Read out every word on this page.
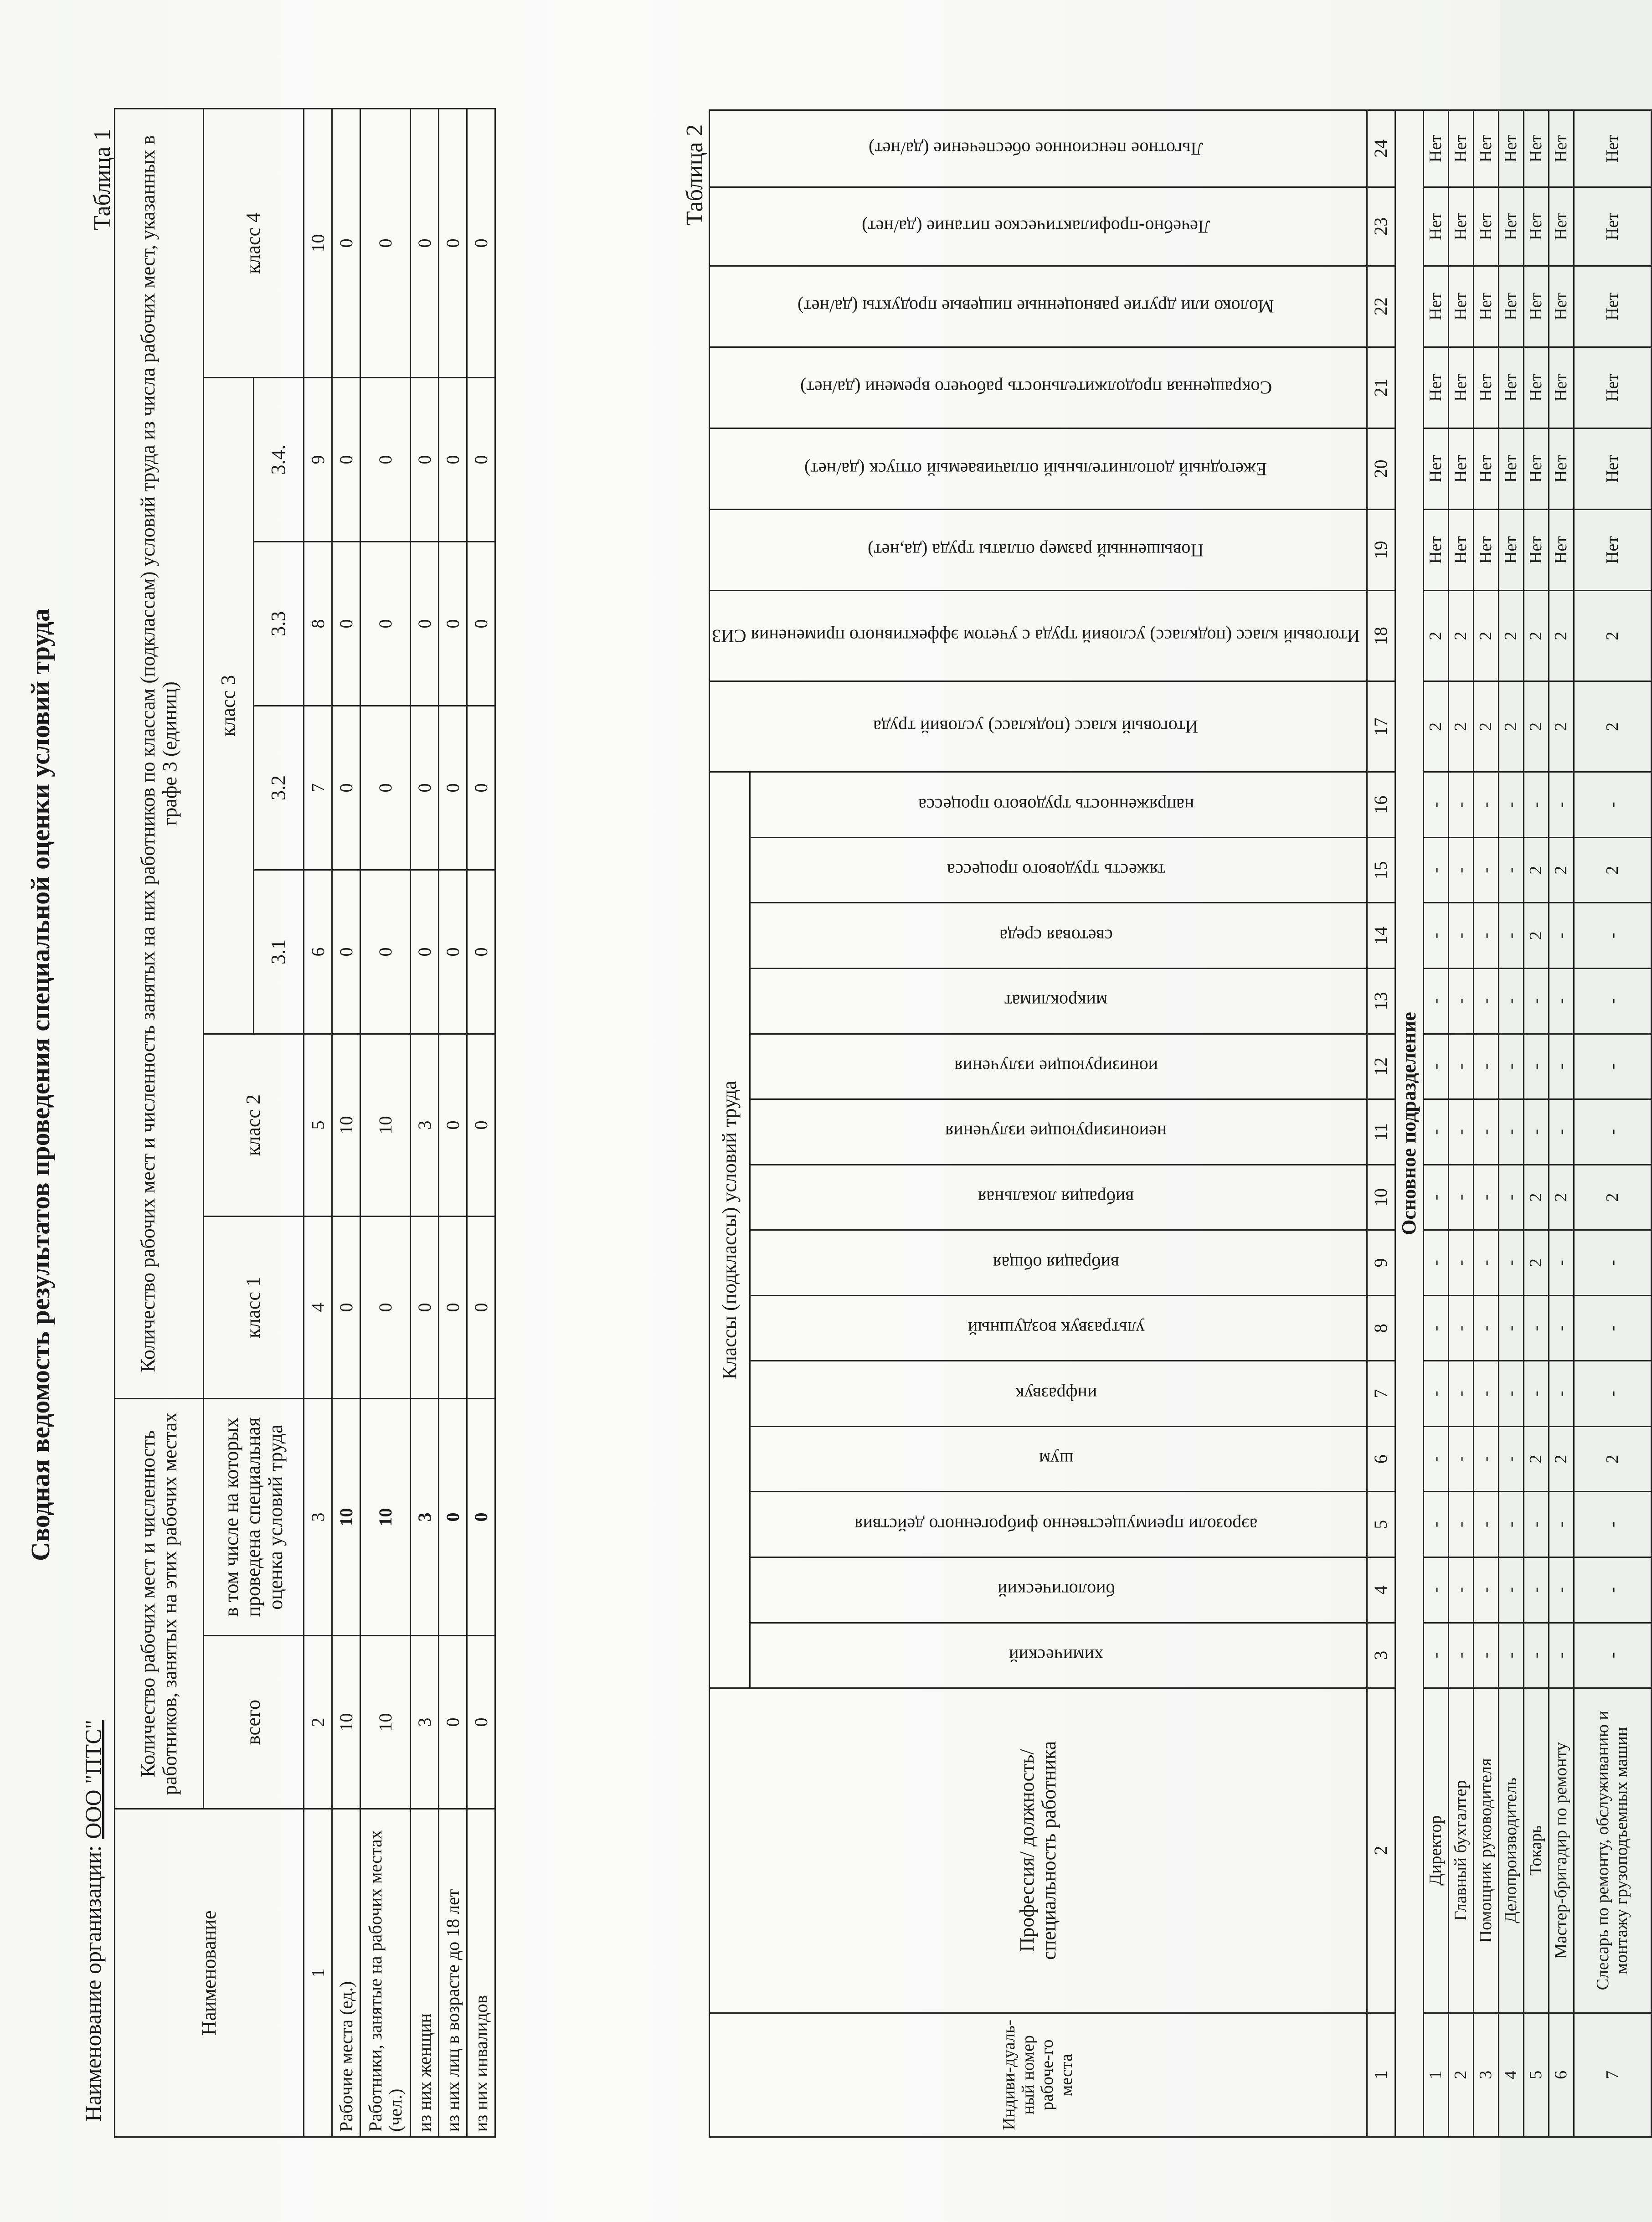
Сводная ведомость результатов проведения специальной оценки условий труда
Наименование организации:ООО "ПТС"
Таблица 1
Наименование	Количество рабочих мест и численность работников, занятых на этих рабочих местах		Количество рабочих мест и численность занятых на них работников по классам (подклассам) условий труда из числа рабочих мест, указанных в графе 3 (единиц)						
	всего	в том числе на которых проведена специальная оценка условий труда	класс 1	класс 2	класс 3				класс 4
					3.1	3.2	3.3	3.4.	
1	2	3	4	5	6	7	8	9	10
Рабочие места (ед.)	10	10	0	10	0	0	0	0	0
Работники, занятые на рабочих местах (чел.)	10	10	0	10	0	0	0	0	0
из них женщин	3	3	0	3	0	0	0	0	0
из них лиц в возрасте до 18 лет	0	0	0	0	0	0	0	0	0
из них инвалидов	0	0	0	0	0	0	0	0	0
Таблица 2
Индиви-дуаль-ный номер рабоче-го места	Профессия/ должность/ специальность работника	Классы (подклассы) условий труда														Итоговый класс (подкласс) условий труда	Итоговый класс (подкласс) условий труда с учетом эффективного применения СИЗ	Повышенный размер оплаты труда (да,нет)	Ежегодный дополнительный оплачиваемый отпуск (да/нет)	Сокращенная продолжительность рабочего времени (да/нет)	Молоко или другие равноценные пищевые продукты (да/нет)	Лечебно-профилактическое питание (да/нет)	Льготное пенсионное обеспечение (да/нет)
		химический	биологический	аэрозоли преимущественно фиброгенного действия	шум	инфразвук	ультразвук воздушный	вибрация общая	вибрация локальная	неионизирующие излучения	ионизирующие излучения	микроклимат	световая среда	тяжесть трудового процесса	напряженность трудового процесса								
1	2	3	4	5	6	7	8	9	10	11	12	13	14	15	16	17	18	19	20	21	22	23	24
Основное подразделение																							
1	Директор	-	-	-	-	-	-	-	-	-	-	-	-	-	-	2	2	Нет	Нет	Нет	Нет	Нет	Нет
2	Главный бухгалтер	-	-	-	-	-	-	-	-	-	-	-	-	-	-	2	2	Нет	Нет	Нет	Нет	Нет	Нет
3	Помощник руководителя	-	-	-	-	-	-	-	-	-	-	-	-	-	-	2	2	Нет	Нет	Нет	Нет	Нет	Нет
4	Делопроизводитель	-	-	-	-	-	-	-	-	-	-	-	-	-	-	2	2	Нет	Нет	Нет	Нет	Нет	Нет
5	Токарь	-	-	-	2	-	-	2	2	-	-	-	2	2	-	2	2	Нет	Нет	Нет	Нет	Нет	Нет
6	Мастер-бригадир по ремонту	-	-	-	2	-	-	-	2	-	-	-	-	2	-	2	2	Нет	Нет	Нет	Нет	Нет	Нет
7	Слесарь по ремонту, обслуживанию и монтажу грузоподъемных машин	-	-	-	2	-	-	-	2	-	-	-	-	2	-	2	2	Нет	Нет	Нет	Нет	Нет	Нет
